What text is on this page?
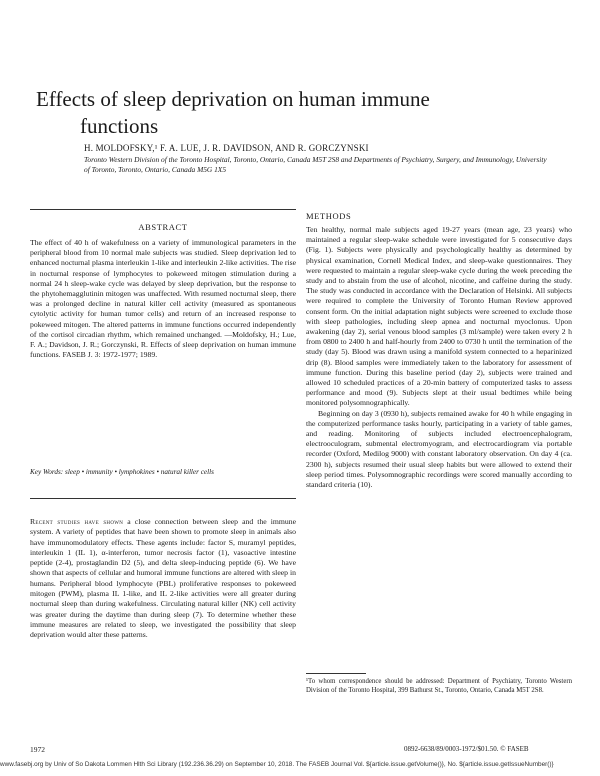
Effects of sleep deprivation on human immune
functions
H. MOLDOFSKY,¹ F. A. LUE, J. R. DAVIDSON, AND R. GORCZYNSKI
Toronto Western Division of the Toronto Hospital, Toronto, Ontario, Canada M5T 2S8 and Departments of Psychiatry, Surgery, and Immunology, University of Toronto, Toronto, Ontario, Canada M5G 1X5
ABSTRACT
The effect of 40 h of wakefulness on a variety of immunological parameters in the peripheral blood from 10 normal male subjects was studied. Sleep deprivation led to enhanced nocturnal plasma interleukin 1-like and interleukin 2-like activities. The rise in nocturnal response of lymphocytes to pokeweed mitogen stimulation during a normal 24 h sleep-wake cycle was delayed by sleep deprivation, but the response to the phytohemagglutinin mitogen was unaffected. With resumed nocturnal sleep, there was a prolonged decline in natural killer cell activity (measured as spontaneous cytolytic activity for human tumor cells) and return of an increased response to pokeweed mitogen. The altered patterns in immune functions occurred independently of the cortisol circadian rhythm, which remained unchanged. —Moldofsky, H.; Lue, F. A.; Davidson, J. R.; Gorczynski, R. Effects of sleep deprivation on human immune functions. FASEB J. 3: 1972-1977; 1989.
Key Words: sleep • immunity • lymphokines • natural killer cells
Recent studies have shown a close connection between sleep and the immune system. A variety of peptides that have been shown to promote sleep in animals also have immunomodulatory effects. These agents include: factor S, muramyl peptides, interleukin 1 (IL 1), α-interferon, tumor necrosis factor (1), vasoactive intestine peptide (2-4), prostaglandin D2 (5), and delta sleep-inducing peptide (6). We have shown that aspects of cellular and humoral immune functions are altered with sleep in humans. Peripheral blood lymphocyte (PBL) proliferative responses to pokeweed mitogen (PWM), plasma IL 1-like, and IL 2-like activities were all greater during nocturnal sleep than during wakefulness. Circulating natural killer (NK) cell activity was greater during the daytime than during sleep (7). To determine whether these immune measures are related to sleep, we investigated the possibility that sleep deprivation would alter these patterns.
METHODS

Ten healthy, normal male subjects aged 19-27 years (mean age, 23 years) who maintained a regular sleep-wake schedule were investigated for 5 consecutive days (Fig. 1). Subjects were physically and psychologically healthy as determined by physical examination, Cornell Medical Index, and sleep-wake questionnaires. They were requested to maintain a regular sleep-wake cycle during the week preceding the study and to abstain from the use of alcohol, nicotine, and caffeine during the study. The study was conducted in accordance with the Declaration of Helsinki. All subjects were required to complete the University of Toronto Human Review approved consent form. On the initial adaptation night subjects were screened to exclude those with sleep pathologies, including sleep apnea and nocturnal myoclonus. Upon awakening (day 2), serial venous blood samples (3 ml/sample) were taken every 2 h from 0800 to 2400 h and half-hourly from 2400 to 0730 h until the termination of the study (day 5). Blood was drawn using a manifold system connected to a heparinized drip (8). Blood samples were immediately taken to the laboratory for assessment of immune function. During this baseline period (day 2), subjects were trained and allowed 10 scheduled practices of a 20-min battery of computerized tasks to assess performance and mood (9). Subjects slept at their usual bedtimes while being monitored polysomnographically.

Beginning on day 3 (0930 h), subjects remained awake for 40 h while engaging in the computerized performance tasks hourly, participating in a variety of table games, and reading. Monitoring of subjects included electroencephalogram, electrooculogram, submental electromyogram, and electrocardiogram via portable recorder (Oxford, Medilog 9000) with constant laboratory observation. On day 4 (ca. 2300 h), subjects resumed their usual sleep habits but were allowed to extend their sleep period times. Polysomnographic recordings were scored manually according to standard criteria (10).

¹To whom correspondence should be addressed: Department of Psychiatry, Toronto Western Division of the Toronto Hospital, 399 Bathurst St., Toronto, Ontario, Canada M5T 2S8.
1972	0892-6638/89/0003-1972/$01.50. © FASEB
www.fasebj.org by Univ of So Dakota Lommen Hlth Sci Library (192.236.36.29) on September 10, 2018. The FASEB Journal Vol. ${article.issue.getVolume()}, No. ${article.issue.getIssueNumber()}
